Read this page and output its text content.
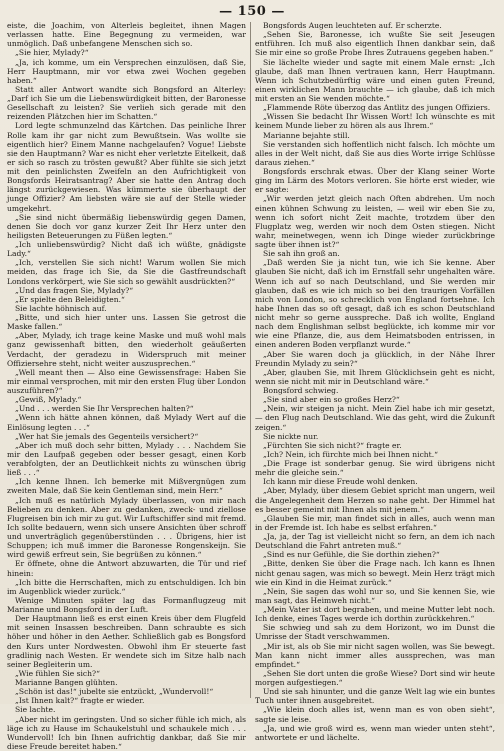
— 150 —

eiste, die Joachim, von Alterleis begleitet, ihnen Magen verlassen hatte. Eine Begegnung zu vermeiden, war unmöglich. Daß unbefangene Menschen sich so.

„Sie hier, Mylady?“

„Ja, ich komme, um ein Versprechen einzulösen, daß Sie, Herr Hauptmann, mir vor etwa zwei Wochen gegeben haben.“

Statt aller Antwort wandte sich Bongsford an Alterley: „Darf ich Sie um die Liebenswürdigkeit bitten, der Baronesse Gesellschaft zu leisten? Sie verlieh sich gerade mit den reizenden Plätzchen hier im Schatten.“

Lord legte schmunzelnd das Kärtchen. Das peinliche Ihrer Rolle kam ihr gar nicht zum Bewußtsein. Was wollte sie eigentlich hier? Einem Manne nachgelaufen? Vogue! Liebste sie den Hauptmann? War es nicht eher verletzte Eitelkeit, daß er sich so rasch zu trösten gewußt? Aber fühlte sie sich jetzt mit den peinlichsten Zweifeln an den Aufrichtigkeit von Bongsfords Heiratsantrag? Aber sie hatte den Antrag doch längst zurückgewiesen. Was kümmerte sie überhaupt der junge Offizier? Am liebsten wäre sie auf der Stelle wieder umgekehrt.

„Sie sind nicht übermäßig liebenswürdig gegen Damen, denen Sie doch vor ganz kurzer Zeit Ihr Herz unter den heiligsten Beteuerungen zu Füßen legten.“

„Ich unliebenswürdig? Nicht daß ich wüßte, gnädigste Lady.“

„Ich, verstellen Sie sich nicht! Warum wollen Sie mich meiden, das frage ich Sie, da Sie die Gastfreundschaft Londons verkörpert, wie Sie sich so gewählt ausdrückten?“

„Und das fragen Sie, Mylady?“

„Er spielte den Beleidigten.“

Sie lachte höhnisch auf.

„Bitte, und sich hier unter uns. Lassen Sie getrost die Maske fallen.“

„Aber, Mylady, ich trage keine Maske und muß wohl mals ganz gewissenhaft bitten, den wiederholt geäußerten Verdacht, der geradezu in Widerspruch mit meiner Offiziersehre steht, nicht weiter auszusprechen.“

„Well meant then — Also eine Gewissensfrage: Haben Sie mir einmal versprochen, mit mir den ersten Flug über London auszuführen?“

„Gewiß, Mylady.“

„Und . . . werden Sie Ihr Versprechen halten?“

„Wenn ich hätte ahnen können, daß Mylady Wert auf die Einlösung legten . . .“

„Wer hat Sie jemals des Gegenteils versichert?“

„Aber ich muß doch sehr bitten, Mylady . . . Nachdem Sie mir den Laufpaß gegeben oder besser gesagt, einen Korb verabfolgten, der an Deutlichkeit nichts zu wünschen übrig ließ . . .“

„Ich kenne Ihnen. Ich bemerke mit Mißvergnügen zum zweiten Male, daß Sie kein Gentleman sind, mein Herr.“

„Ich muß es natürlich Mylady überlassen, von mir nach Belieben zu denken. Aber zu gedanken, zweck- und ziellose Flugreisen bin ich mir zu gut. Wir Luftschiffer sind mit fremd. Ich sollte bedauern, wenn sich unsere Ansichten über schroff und unverträglich gegenüberstünden . . . Übrigens, hier ist Schuppen; ich muß immer die Baronesse Rongenskeijn. Sie wird gewiß erfreut sein, Sie begrüßen zu können.“

Er öffnete, ohne die Antwort abzuwarten, die Tür und rief hinein:

„Ich bitte die Herrschaften, mich zu entschuldigen. Ich bin im Augenblick wieder zurück.“

Wenige Minuten später lag das Formanflugzeug mit Marianne und Bongsford in der Luft.

Der Hauptmann ließ es erst einen Kreis über dem Flugfeld mit seinen Insassen beschreiben. Dann schraubte es sich höher und höher in den Aether. Schließlich gab es Bongsford den Kurs unter Nordwesten. Obwohl ihm Er steuerte fast gradlinig nach Westen. Er wendete sich im Sitze halb nach seiner Begleiterin um.

„Wie fühlen Sie sich?“

Marianne Bangen glühten.

„Schön ist das!“ jubelte sie entzückt, „Wundervoll!“

„Ist Ihnen kalt?“ fragte er wieder.

Sie lachte.

„Aber nicht im geringsten. Und so sicher fühle ich mich, als läge ich zu Hause im Schaukelstuhl und schaukele mich . . . Wundervoll! Ich bin Ihnen aufrichtig dankbar, daß Sie mir diese Freude bereitet haben.“

Bongsfords Augen leuchteten auf. Er scherzte.

„Sehen Sie, Baronesse, ich wußte Sie seit Jeseugen entführen. Ich muß also eigentlich Ihnen dankbar sein, daß Sie mir eine so große Probe Ihres Zutrauens gegeben haben.“

Sie lächelte wieder und sagte mit einem Male ernst: „Ich glaube, daß man Ihnen vertrauen kann, Herr Hauptmann. Wenn ich Schutzbedürftig wäre und einen guten Freund, einen wirklichen Mann brauchte — ich glaube, daß ich mich mit ersten an Sie wenden möchte.“

„Flammende Röte überzog das Antlitz des jungen Offiziers.

„Wissen Sie bedacht Ihr Wissen Wort! Ich wünschte es mit keinem Munde lieber zu hören als aus Ihrem.“

Marianne bejahte still.

Sie verstanden sich hoffentlich nicht falsch. Ich möchte um alles in der Welt nicht, daß Sie aus dies Worte irrige Schlüsse daraus ziehen.“

Bongsfords erschrak etwas. Über der Klang seiner Worte ging im Lärm des Motors verloren. Sie hörte erst wieder, wie er sagte:

„Wir werden jetzt gleich nach Often abdrehen. Um noch einen kühnen Schwung zu leisten, — weil wir eben Sie zu, wenn ich sofort nicht Zeit machte, trotzdem über den Flugplatz weg, werden wir noch dem Osten stiegen. Nicht wahr, meinetwegen, wenn ich Dinge wieder zurückbringe sagte über ihnen ist?“

Sie sah ihn groß an.

„Daß werden Sie ja nicht tun, wie ich Sie kenne. Aber glauben Sie nicht, daß ich im Ernstfall sehr ungehalten wäre. Wenn ich auf so nach Deutschland, und Sie werden mir glauben, daß es wie ich mich so bei den traurigen Vorfällen mich von London, so schrecklich von England fortsehne. Ich habe Ihnen das so oft gesagt, daß ich es schon Deutschland nicht mehr so gerne ausspreche. Daß ich wollte, England nach dem Englishman selbst beglückte, ich komme mir vor wie eine Pflanze, die, aus dem Heimatsboden entrissen, in einen anderen Boden verpflanzt wurde.“

„Aber Sie waren doch ja glücklich, in der Nähe Ihrer Freundin Mylady zu sein?“

„Aber, glauben Sie, mit Ihrem Glücklichsein geht es nicht, wenn sie nicht mit mir in Deutschland wäre.“

Bongsford schwieg.

„Sie sind aber ein so großes Herz?“

„Nein, wir steigen ja nicht. Mein Ziel habe ich mir gesetzt, — den Flug nach Deutschland. Wie das geht, wird die Zukunft zeigen.“

Sie nickte nur.

„Fürchten Sie sich nicht?“ fragte er.

„Ich? Nein, ich fürchte mich bei Ihnen nicht.“

„Die Frage ist sonderbar genug. Sie wird übrigens nicht mehr die gleiche sein.“

Ich kann mir diese Freude wohl denken.

„Aber, Mylady, über diesem Gebiet spricht man ungern, weil die Angelegenheit dem Herzen so nahe geht. Der Himmel hat es besser gemeint mit Ihnen als mit jenem.“

„Glauben Sie mir, man findet sich in alles, auch wenn man in der Fremde ist. Ich habe es selbst erfahren.“

„Ja, ja, der Tag ist vielleicht nicht so fern, an dem ich nach Deutschland die Fahrt antreten muß.“

„Sind es nur Gefühle, die Sie dorthin ziehen?“

„Bitte, denken Sie über die Frage nach. Ich kann es Ihnen nicht genau sagen, was mich so bewegt. Mein Herz trägt mich wie ein Kind in die Heimat zurück.“

„Nein, Sie sagen das wohl nur so, und Sie kennen Sie, wie man sagt, das Heimweh nicht.“

„Mein Vater ist dort begraben, und meine Mutter lebt noch. Ich denke, eines Tages werde ich dorthin zurückkehren.“

Sie schwieg und sah zu dem Horizont, wo im Dunst die Umrisse der Stadt verschwammen.

„Mir ist, als ob Sie mir nicht sagen wollen, was Sie bewegt. Man kann nicht immer alles aussprechen, was man empfindet.“

„Sehen Sie dort unten die große Wiese? Dort sind wir heute morgen aufgestiegen.“

Und sie sah hinunter, und die ganze Welt lag wie ein buntes Tuch unter ihnen ausgebreitet.

„Wie klein doch alles ist, wenn man es von oben sieht“, sagte sie leise.

„Ja, und wie groß wird es, wenn man wieder unten steht“, antwortete er und lächelte.
